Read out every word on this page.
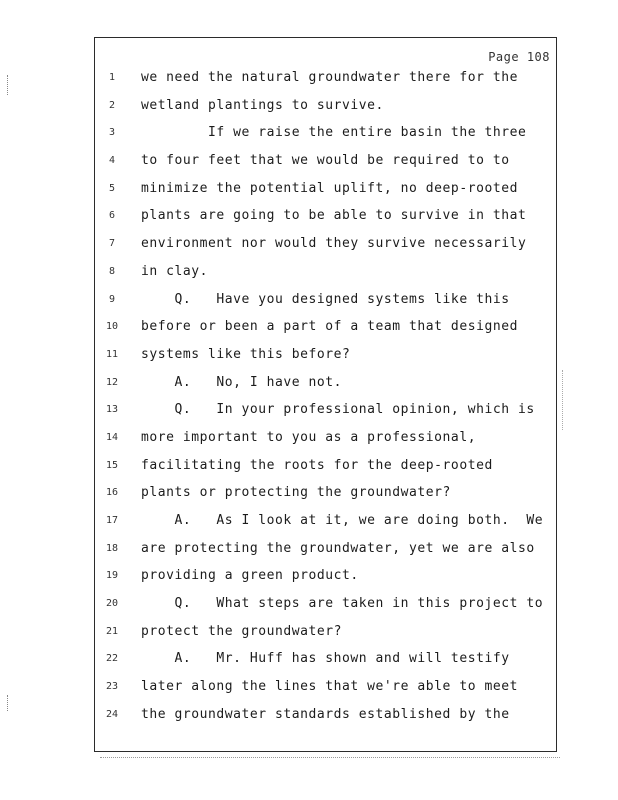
Page 108

1

	we need the natural groundwater there for the

2

	wetland plantings to survive.

3

	If we raise the entire basin the three

4

	to four feet that we would be required to to

5

	minimize the potential uplift, no deep-rooted

6

	plants are going to be able to survive in that

7

	environment nor would they survive necessarily

8

	in clay.

9

	Q.   Have you designed systems like this

10

before or been a part of a team that designed

11

systems like this before?

12

A.   No, I have not.

13

Q.   In your professional opinion, which is

14

more important to you as a professional,

15

facilitating the roots for the deep-rooted

16

plants or protecting the groundwater?

17

A.   As I look at it, we are doing both.  We

18

are protecting the groundwater, yet we are also

19

providing a green product.

20

Q.   What steps are taken in this project to

21

protect the groundwater?

22

A.   Mr. Huff has shown and will testify

23

later along the lines that we're able to meet

24

the groundwater standards established by the
